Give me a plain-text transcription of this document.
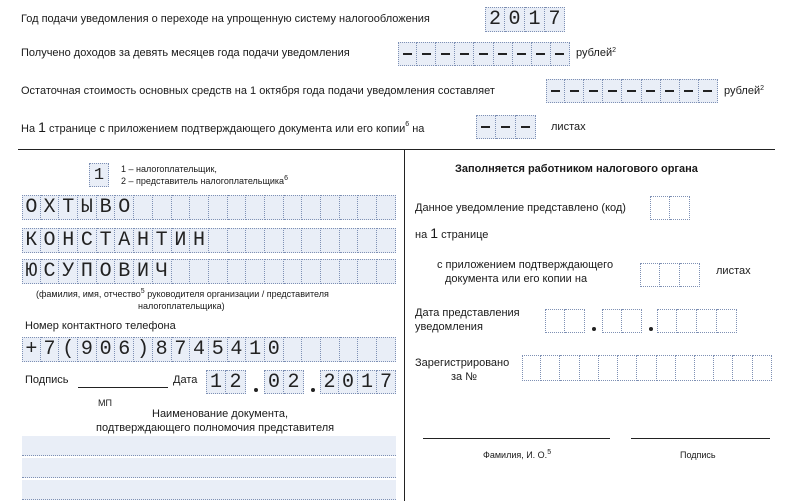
Год подачи уведомления о переходе на упрощенную систему налогообложения	2 0 1 7
Получено доходов за девять месяцев года подачи уведомления	рублей$^2$
Остаточная стоимость основных средств на 1 октября года подачи уведомления составляет	рублей$^2$
На 1 странице с приложением подтверждающего документа или его копии$^6$ на	листах
1	1 – налогоплательщик,
2 – представитель налогоплательщика$^6$
О Х Т Ы В О
К О Н С Т А Н Т И Н
Ю С У П О В И Ч
(фамилия, имя, отчество$^5$ руководителя организации / представителя
налогоплательщика)
Номер контактного телефона
+ 7 ( 9 0 6 ) 8 7 4 5 4 1 0
Подпись	Дата 1 2 0 2 2 0 1 7
МП
Наименование документа,
подтверждающего полномочия представителя
Заполняется работником налогового органа
Данное уведомление представлено (код)
на 1 странице
с приложением подтверждающего
документа или его копии на
листах
Дата представления
уведомления
Зарегистрировано
за №
Фамилия, И. О.$^5$	Подпись
